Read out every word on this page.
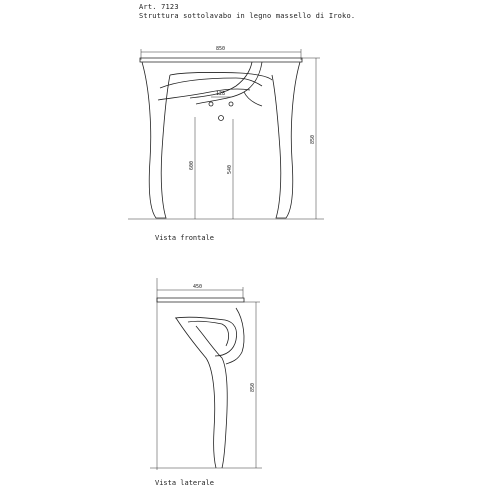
Art. 7123
Struttura sottolavabo in legno massello di Iroko.
850
128
600	540
850
450
850
Vista frontale
Vista laterale
